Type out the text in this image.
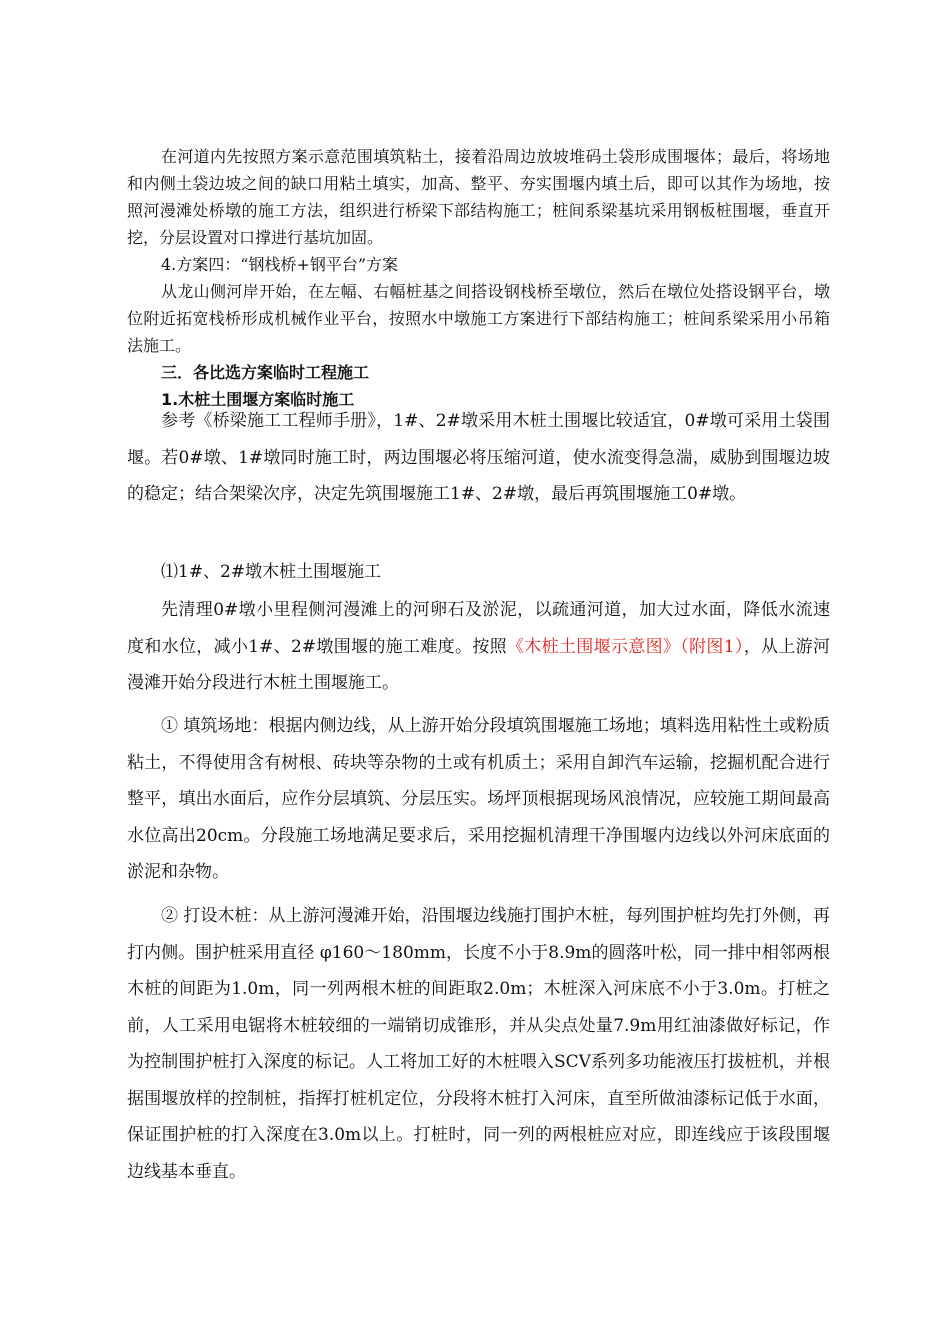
在河道内先按照方案示意范围填筑粘土，接着沿周边放坡堆码土袋形成围堰体；最后，将场地和内侧土袋边坡之间的缺口用粘土填实，加高、整平、夯实围堰内填土后，即可以其作为场地，按照河漫滩处桥墩的施工方法，组织进行桥梁下部结构施工；桩间系梁基坑采用钢板桩围堰，垂直开挖，分层设置对口撑进行基坑加固。

4.方案四：“钢栈桥+钢平台”方案

从龙山侧河岸开始，在左幅、右幅桩基之间搭设钢栈桥至墩位，然后在墩位处搭设钢平台，墩位附近拓宽栈桥形成机械作业平台，按照水中墩施工方案进行下部结构施工；桩间系梁采用小吊箱法施工。

三．各比选方案临时工程施工

1.木桩土围堰方案临时施工

参考《桥梁施工工程师手册》，1#、2#墩采用木桩土围堰比较适宜，0#墩可采用土袋围堰。若0#墩、1#墩同时施工时，两边围堰必将压缩河道，使水流变得急湍，威胁到围堰边坡的稳定；结合架梁次序，决定先筑围堰施工1#、2#墩，最后再筑围堰施工0#墩。

⑴1#、2#墩木桩土围堰施工

先清理0#墩小里程侧河漫滩上的河卵石及淤泥，以疏通河道，加大过水面，降低水流速度和水位，减小1#、2#墩围堰的施工难度。按照《木桩土围堰示意图》（附图1），从上游河漫滩开始分段进行木桩土围堰施工。

① 填筑场地：根据内侧边线，从上游开始分段填筑围堰施工场地；填料选用粘性土或粉质粘土，不得使用含有树根、砖块等杂物的土或有机质土；采用自卸汽车运输，挖掘机配合进行整平，填出水面后，应作分层填筑、分层压实。场坪顶根据现场风浪情况，应较施工期间最高水位高出20cm。分段施工场地满足要求后，采用挖掘机清理干净围堰内边线以外河床底面的淤泥和杂物。

② 打设木桩：从上游河漫滩开始，沿围堰边线施打围护木桩，每列围护桩均先打外侧，再打内侧。围护桩采用直径 φ160～180mm，长度不小于8.9m的圆落叶松，同一排中相邻两根木桩的间距为1.0m，同一列两根木桩的间距取2.0m；木桩深入河床底不小于3.0m。打桩之前，人工采用电锯将木桩较细的一端销切成锥形，并从尖点处量7.9m用红油漆做好标记，作为控制围护桩打入深度的标记。人工将加工好的木桩喂入SCV系列多功能液压打拔桩机，并根据围堰放样的控制桩，指挥打桩机定位，分段将木桩打入河床，直至所做油漆标记低于水面，保证围护桩的打入深度在3.0m以上。打桩时，同一列的两根桩应对应，即连线应于该段围堰边线基本垂直。
